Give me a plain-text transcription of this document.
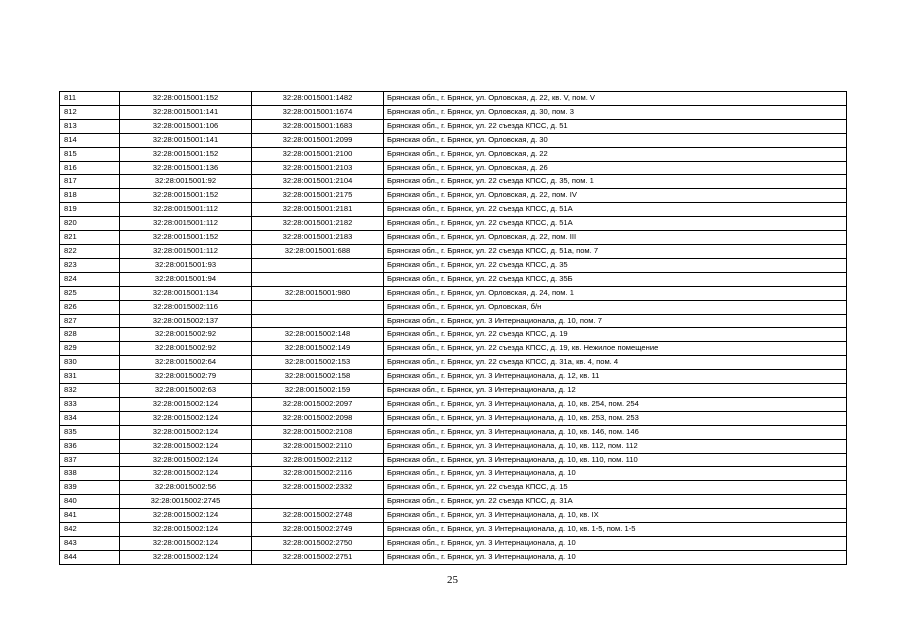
811	32:28:0015001:152	32:28:0015001:1482	Брянская обл., г. Брянск, ул. Орловская, д. 22, кв. V, пом. V
812	32:28:0015001:141	32:28:0015001:1674	Брянская обл., г. Брянск, ул. Орловская, д. 30, пом. 3
813	32:28:0015001:106	32:28:0015001:1683	Брянская обл., г. Брянск, ул. 22 съезда КПСС, д. 51
814	32:28:0015001:141	32:28:0015001:2099	Брянская обл., г. Брянск, ул. Орловская, д. 30
815	32:28:0015001:152	32:28:0015001:2100	Брянская обл., г. Брянск, ул. Орловская, д. 22
816	32:28:0015001:136	32:28:0015001:2103	Брянская обл., г. Брянск, ул. Орловская, д. 26
817	32:28:0015001:92	32:28:0015001:2104	Брянская обл., г. Брянск, ул. 22 съезда КПСС, д. 35, пом. 1
818	32:28:0015001:152	32:28:0015001:2175	Брянская обл., г. Брянск, ул. Орловская, д. 22, пом. IV
819	32:28:0015001:112	32:28:0015001:2181	Брянская обл., г. Брянск, ул. 22 съезда КПСС, д. 51А
820	32:28:0015001:112	32:28:0015001:2182	Брянская обл., г. Брянск, ул. 22 съезда КПСС, д. 51А
821	32:28:0015001:152	32:28:0015001:2183	Брянская обл., г. Брянск, ул. Орловская, д. 22, пом. III
822	32:28:0015001:112	32:28:0015001:688	Брянская обл., г. Брянск, ул. 22 съезда КПСС, д. 51а, пом. 7
823	32:28:0015001:93		Брянская обл., г. Брянск, ул. 22 съезда КПСС, д. 35
824	32:28:0015001:94		Брянская обл., г. Брянск, ул. 22 съезда КПСС, д. 35Б
825	32:28:0015001:134	32:28:0015001:980	Брянская обл., г. Брянск, ул. Орловская, д. 24, пом. 1
826	32:28:0015002:116		Брянская обл., г. Брянск, ул. Орловская, б/н
827	32:28:0015002:137		Брянская обл., г. Брянск, ул. 3 Интернационала, д. 10, пом. 7
828	32:28:0015002:92	32:28:0015002:148	Брянская обл., г. Брянск, ул. 22 съезда КПСС, д. 19
829	32:28:0015002:92	32:28:0015002:149	Брянская обл., г. Брянск, ул. 22 съезда КПСС, д. 19, кв. Нежилое помещение
830	32:28:0015002:64	32:28:0015002:153	Брянская обл., г. Брянск, ул. 22 съезда КПСС, д. 31а, кв. 4, пом. 4
831	32:28:0015002:79	32:28:0015002:158	Брянская обл., г. Брянск, ул. 3 Интернационала, д. 12, кв. 11
832	32:28:0015002:63	32:28:0015002:159	Брянская обл., г. Брянск, ул. 3 Интернационала, д. 12
833	32:28:0015002:124	32:28:0015002:2097	Брянская обл., г. Брянск, ул. 3 Интернационала, д. 10, кв. 254, пом. 254
834	32:28:0015002:124	32:28:0015002:2098	Брянская обл., г. Брянск, ул. 3 Интернационала, д. 10, кв. 253, пом. 253
835	32:28:0015002:124	32:28:0015002:2108	Брянская обл., г. Брянск, ул. 3 Интернационала, д. 10, кв. 146, пом. 146
836	32:28:0015002:124	32:28:0015002:2110	Брянская обл., г. Брянск, ул. 3 Интернационала, д. 10, кв. 112, пом. 112
837	32:28:0015002:124	32:28:0015002:2112	Брянская обл., г. Брянск, ул. 3 Интернационала, д. 10, кв. 110, пом. 110
838	32:28:0015002:124	32:28:0015002:2116	Брянская обл., г. Брянск, ул. 3 Интернационала, д. 10
839	32:28:0015002:56	32:28:0015002:2332	Брянская обл., г. Брянск, ул. 22 съезда КПСС, д. 15
840	32:28:0015002:2745		Брянская обл., г. Брянск, ул. 22 съезда КПСС, д. 31А
841	32:28:0015002:124	32:28:0015002:2748	Брянская обл., г. Брянск, ул. 3 Интернационала, д. 10, кв. IX
842	32:28:0015002:124	32:28:0015002:2749	Брянская обл., г. Брянск, ул. 3 Интернационала, д. 10, кв. 1-5, пом. 1-5
843	32:28:0015002:124	32:28:0015002:2750	Брянская обл., г. Брянск, ул. 3 Интернационала, д. 10
844	32:28:0015002:124	32:28:0015002:2751	Брянская обл., г. Брянск, ул. 3 Интернационала, д. 10
25
